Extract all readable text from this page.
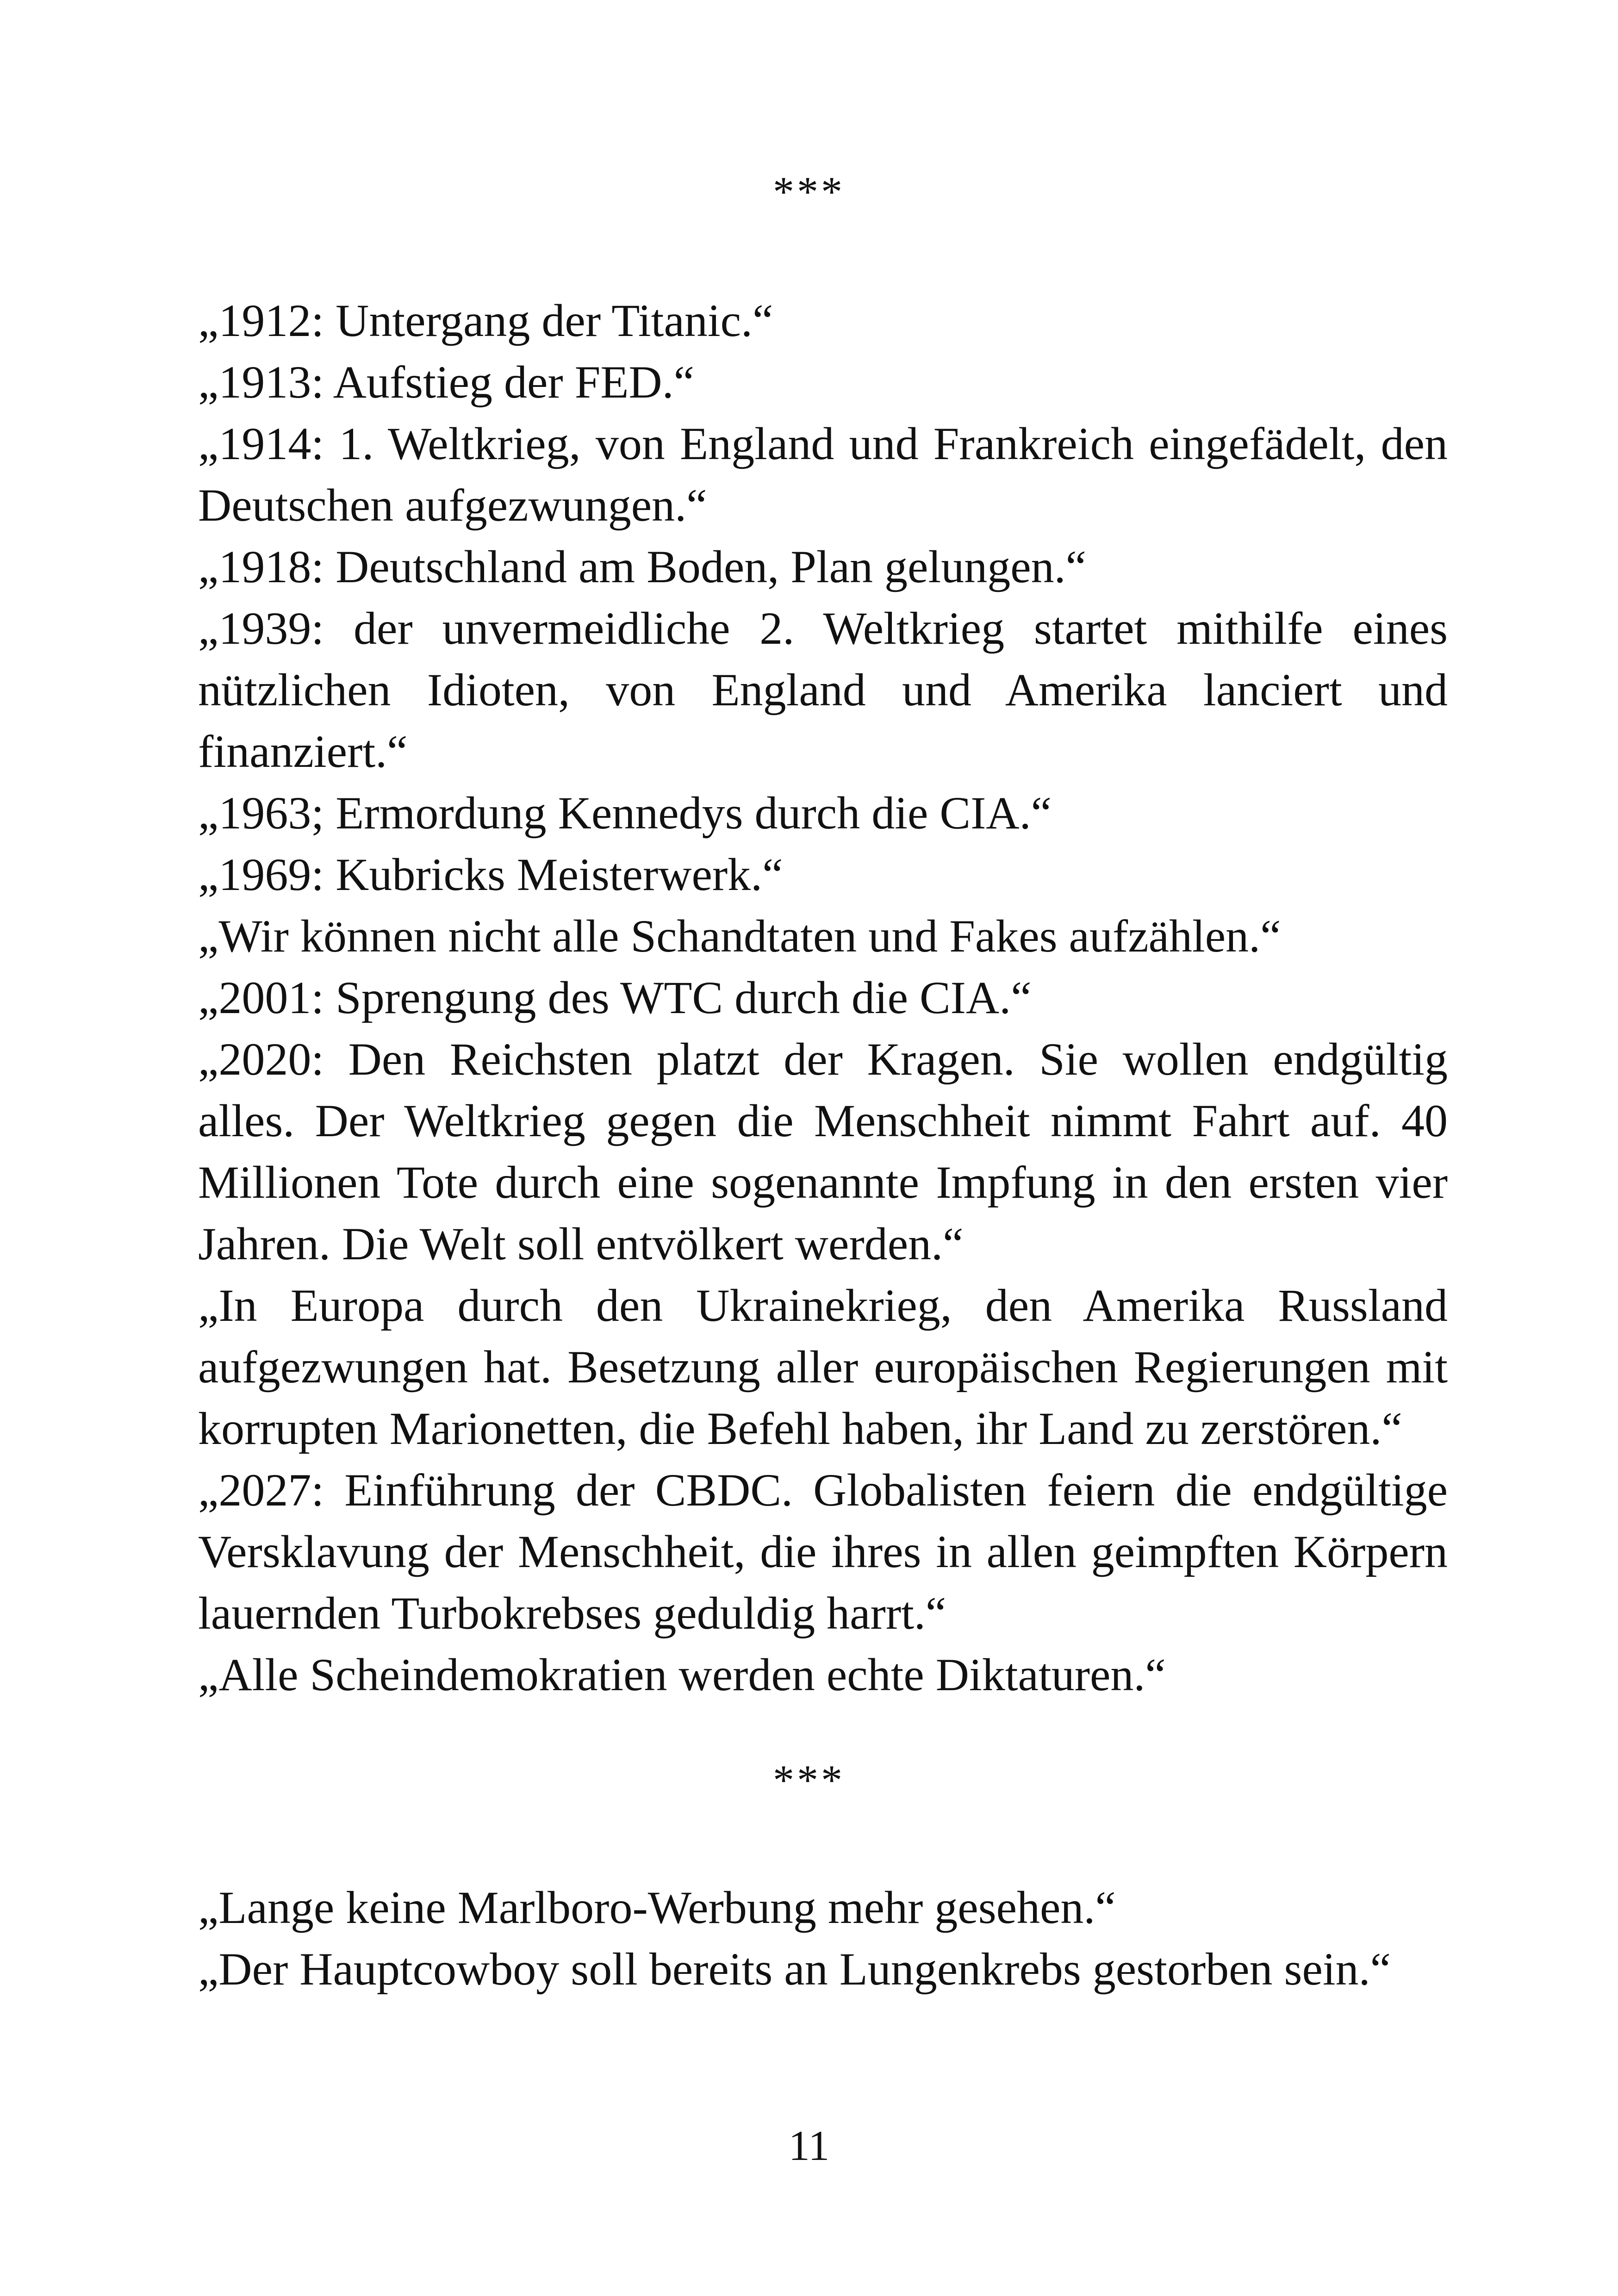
***

„1912: Untergang der Titanic.“

„1913: Aufstieg der FED.“

„1914: 1. Weltkrieg, von England und Frankreich eingefädelt, den Deutschen aufgezwungen.“

„1918: Deutschland am Boden, Plan gelungen.“

„1939: der unvermeidliche 2. Weltkrieg startet mithilfe eines nützlichen Idioten, von England und Amerika lanciert und finanziert.“

„1963; Ermordung Kennedys durch die CIA.“

„1969: Kubricks Meisterwerk.“

„Wir können nicht alle Schandtaten und Fakes aufzählen.“

„2001: Sprengung des WTC durch die CIA.“

„2020: Den Reichsten platzt der Kragen. Sie wollen endgültig alles. Der Weltkrieg gegen die Menschheit nimmt Fahrt auf. 40 Millionen Tote durch eine sogenannte Impfung in den ersten vier Jahren. Die Welt soll entvölkert werden.“

„In Europa durch den Ukrainekrieg, den Amerika Russland aufgezwungen hat. Besetzung aller europäischen Regierungen mit korrupten Marionetten, die Befehl haben, ihr Land zu zerstören.“

„2027: Einführung der CBDC. Globalisten feiern die endgültige Versklavung der Menschheit, die ihres in allen geimpften Körpern lauernden Turbokrebses geduldig harrt.“

„Alle Scheindemokratien werden echte Diktaturen.“

***

„Lange keine Marlboro-Werbung mehr gesehen.“

„Der Hauptcowboy soll bereits an Lungenkrebs gestorben sein.“

11
